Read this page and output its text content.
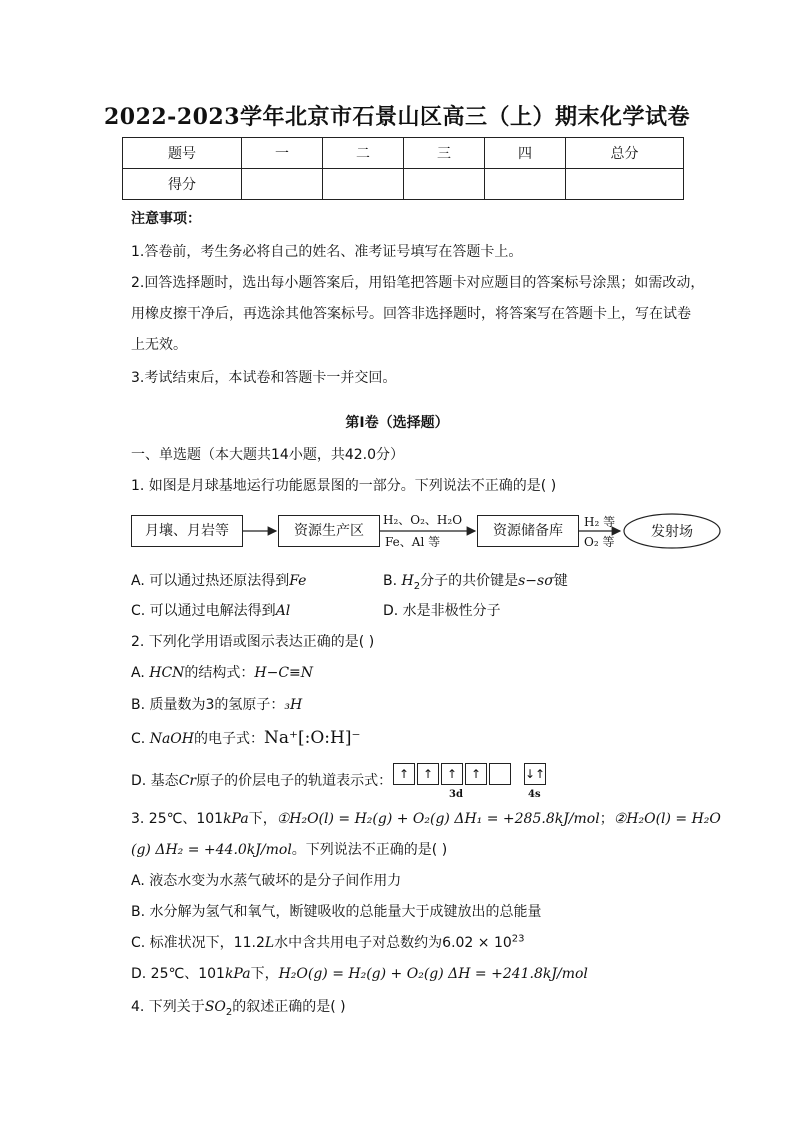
2022-2023学年北京市石景山区高三（上）期末化学试卷
题号	一	二	三	四	总分
得分					
注意事项：
1.答卷前，考生务必将自己的姓名、准考证号填写在答题卡上。
2.回答选择题时，选出每小题答案后，用铅笔把答题卡对应题目的答案标号涂黑；如需改动，
用橡皮擦干净后，再选涂其他答案标号。回答非选择题时，将答案写在答题卡上，写在试卷
上无效。
3.考试结束后，本试卷和答题卡一并交回。
第Ⅰ卷（选择题）
一、单选题（本大题共14小题，共42.0分）
1. 如图是月球基地运行功能愿景图的一部分。下列说法不正确的是( )
月壤、月岩等	资源生产区
H₂、O₂、H₂O
Fe、Al 等
资源储备库
H₂ 等
O₂ 等
发射场
A. 可以通过热还原法得到Fe	B. $H_2$分子的共价键是s−sσ键
C. 可以通过电解法得到Al	D. 水是非极性分子
2. 下列化学用语或图示表达正确的是( )
A. HCN的结构式：H−C≡N
B. 质量数为3的氢原子：₃H
C. NaOH的电子式：Na⁺[:O:H]⁻
D. 基态Cr原子的价层电子的轨道表示式： ↑	↑	↑	↑
3d
↓↑
4s
3. 25℃、101kPa下，①H₂O(l) = H₂(g) + O₂(g) ΔH₁ = +285.8kJ/mol；②H₂O(l) = H₂O
(g) ΔH₂ = +44.0kJ/mol。下列说法不正确的是( )
A. 液态水变为水蒸气破坏的是分子间作用力
B. 水分解为氢气和氧气，断键吸收的总能量大于成键放出的总能量
C. 标准状况下，11.2L水中含共用电子对总数约为$6.02 \times 10^{23}$
D. 25℃、101kPa下，H₂O(g) = H₂(g) + O₂(g) ΔH = +241.8kJ/mol
4. 下列关于$SO_2$的叙述正确的是( )
